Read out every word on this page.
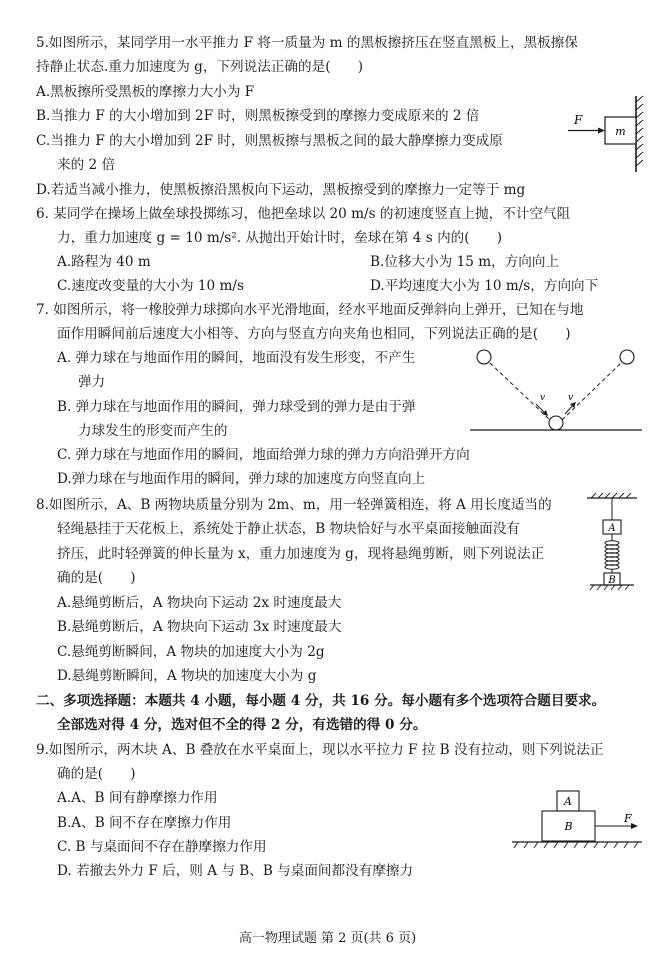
5.如图所示，某同学用一水平推力 F 将一质量为 m 的黑板擦挤压在竖直黑板上，黑板擦保
持静止状态.重力加速度为 g，下列说法正确的是(　　)
A.黑板擦所受黑板的摩擦力大小为 F
B.当推力 F 的大小增加到 2F 时，则黑板擦受到的摩擦力变成原来的 2 倍
C.当推力 F 的大小增加到 2F 时，则黑板擦与黑板之间的最大静摩擦力变成原
来的 2 倍
D.若适当减小推力，使黑板擦沿黑板向下运动，黑板擦受到的摩擦力一定等于 mg
m
F
6. 某同学在操场上做垒球投掷练习，他把垒球以 20 m/s 的初速度竖直上抛，不计空气阻
力，重力加速度 g = 10 m/s². 从抛出开始计时，垒球在第 4 s 内的(　　)
A.路程为 40 m	B.位移大小为 15 m，方向向上
C.速度改变量的大小为 10 m/s	D.平均速度大小为 10 m/s，方向向下
7. 如图所示，将一橡胶弹力球掷向水平光滑地面，经水平地面反弹斜向上弹开，已知在与地
面作用瞬间前后速度大小相等、方向与竖直方向夹角也相同，下列说法正确的是(　　)
A. 弹力球在与地面作用的瞬间，地面没有发生形变，不产生
弹力
B. 弹力球在与地面作用的瞬间，弹力球受到的弹力是由于弹
力球发生的形变而产生的
C. 弹力球在与地面作用的瞬间，地面给弹力球的弹力方向沿弹开方向
D.弹力球在与地面作用的瞬间，弹力球的加速度方向竖直向上
v	v
8.如图所示，A、B 两物块质量分别为 2m、m，用一轻弹簧相连，将 A 用长度适当的
轻绳悬挂于天花板上，系统处于静止状态，B 物块恰好与水平桌面接触面没有
挤压，此时轻弹簧的伸长量为 x，重力加速度为 g，现将悬绳剪断，则下列说法正
确的是(　　)
A.悬绳剪断后，A 物块向下运动 2x 时速度最大
B.悬绳剪断后，A 物块向下运动 3x 时速度最大
C.悬绳剪断瞬间，A 物块的加速度大小为 2g
D.悬绳剪断瞬间，A 物块的加速度大小为 g
A
B
二、多项选择题：本题共 4 小题，每小题 4 分，共 16 分。每小题有多个选项符合题目要求。
全部选对得 4 分，选对但不全的得 2 分，有选错的得 0 分。
9.如图所示，两木块 A、B 叠放在水平桌面上，现以水平拉力 F 拉 B 没有拉动，则下列说法正
确的是(　　)
A.A、B 间有静摩擦力作用
B.A、B 间不存在摩擦力作用
C. B 与桌面间不存在静摩擦力作用
D. 若撤去外力 F 后，则 A 与 B、B 与桌面间都没有摩擦力
A
B
F
高一物理试题 第 2 页(共 6 页)
